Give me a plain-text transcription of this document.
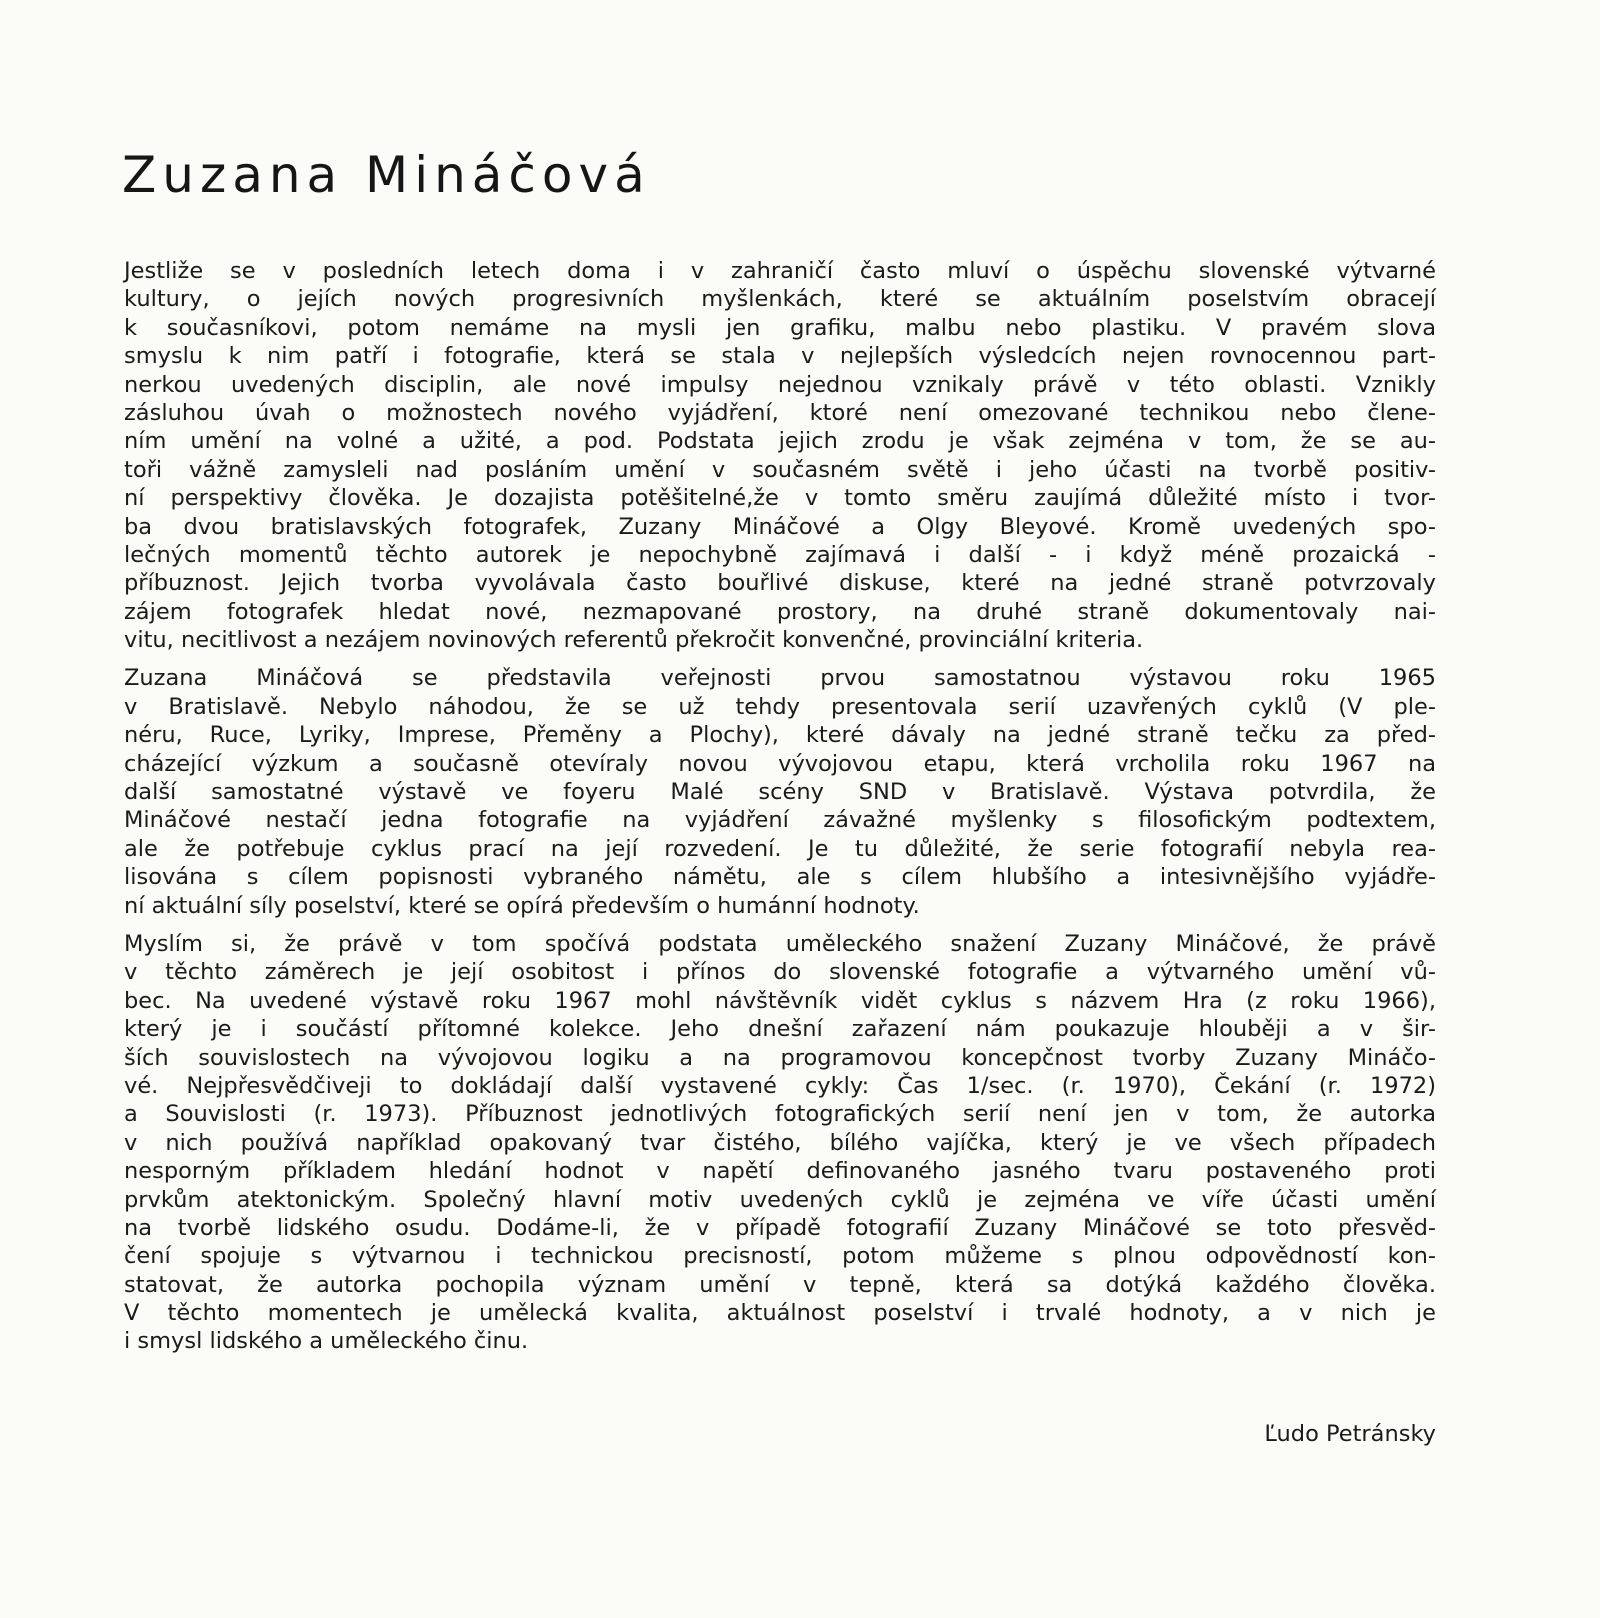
Zuzana Mináčová
Jestliže se v posledních letech doma i v zahraničí často mluví o úspěchu slovenské výtvarné
kultury, o jejích nových progresivních myšlenkách, které se aktuálním poselstvím obracejí
k současníkovi, potom nemáme na mysli jen grafiku, malbu nebo plastiku. V pravém slova
smyslu k nim patří i fotografie, která se stala v nejlepších výsledcích nejen rovnocennou part-
nerkou uvedených disciplin, ale nové impulsy nejednou vznikaly právě v této oblasti. Vznikly
zásluhou úvah o možnostech nového vyjádření, ktoré není omezované technikou nebo člene-
ním umění na volné a užité, a pod. Podstata jejich zrodu je však zejména v tom, že se au-
toři vážně zamysleli nad posláním umění v současném světě i jeho účasti na tvorbě positiv-
ní perspektivy člověka. Je dozajista potěšitelné,že v tomto směru zaujímá důležité místo i tvor-
ba dvou bratislavských fotografek, Zuzany Mináčové a Olgy Bleyové. Kromě uvedených spo-
lečných momentů těchto autorek je nepochybně zajímavá i další - i když méně prozaická -
příbuznost. Jejich tvorba vyvolávala často bouřlivé diskuse, které na jedné straně potvrzovaly
zájem fotografek hledat nové, nezmapované prostory, na druhé straně dokumentovaly nai-
vitu, necitlivost a nezájem novinových referentů překročit konvenčné, provinciální kriteria.
Zuzana Mináčová se představila veřejnosti prvou samostatnou výstavou roku 1965
v Bratislavě. Nebylo náhodou, že se už tehdy presentovala serií uzavřených cyklů (V ple-
néru, Ruce, Lyriky, Imprese, Přeměny a Plochy), které dávaly na jedné straně tečku za před-
cházející výzkum a současně otevíraly novou vývojovou etapu, která vrcholila roku 1967 na
další samostatné výstavě ve foyeru Malé scény SND v Bratislavě. Výstava potvrdila, že
Mináčové nestačí jedna fotografie na vyjádření závažné myšlenky s filosofickým podtextem,
ale že potřebuje cyklus prací na její rozvedení. Je tu důležité, že serie fotografií nebyla rea-
lisována s cílem popisnosti vybraného námětu, ale s cílem hlubšího a intesivnějšího vyjádře-
ní aktuální síly poselství, které se opírá především o humánní hodnoty.
Myslím si, že právě v tom spočívá podstata uměleckého snažení Zuzany Mináčové, že právě
v těchto záměrech je její osobitost i přínos do slovenské fotografie a výtvarného umění vů-
bec. Na uvedené výstavě roku 1967 mohl návštěvník vidět cyklus s názvem Hra (z roku 1966),
který je i součástí přítomné kolekce. Jeho dnešní zařazení nám poukazuje hlouběji a v šir-
ších souvislostech na vývojovou logiku a na programovou koncepčnost tvorby Zuzany Mináčo-
vé. Nejpřesvědčiveji to dokládají další vystavené cykly: Čas 1/sec. (r. 1970), Čekání (r. 1972)
a Souvislosti (r. 1973). Příbuznost jednotlivých fotografických serií není jen v tom, že autorka
v nich používá například opakovaný tvar čistého, bílého vajíčka, který je ve všech případech
nesporným příkladem hledání hodnot v napětí definovaného jasného tvaru postaveného proti
prvkům atektonickým. Společný hlavní motiv uvedených cyklů je zejména ve víře účasti umění
na tvorbě lidského osudu. Dodáme-li, že v případě fotografií Zuzany Mináčové se toto přesvěd-
čení spojuje s výtvarnou i technickou precisností, potom můžeme s plnou odpovědností kon-
statovat, že autorka pochopila význam umění v tepně, která sa dotýká každého člověka.
V těchto momentech je umělecká kvalita, aktuálnost poselství i trvalé hodnoty, a v nich je
i smysl lidského a uměleckého činu.
Ľudo Petránsky
